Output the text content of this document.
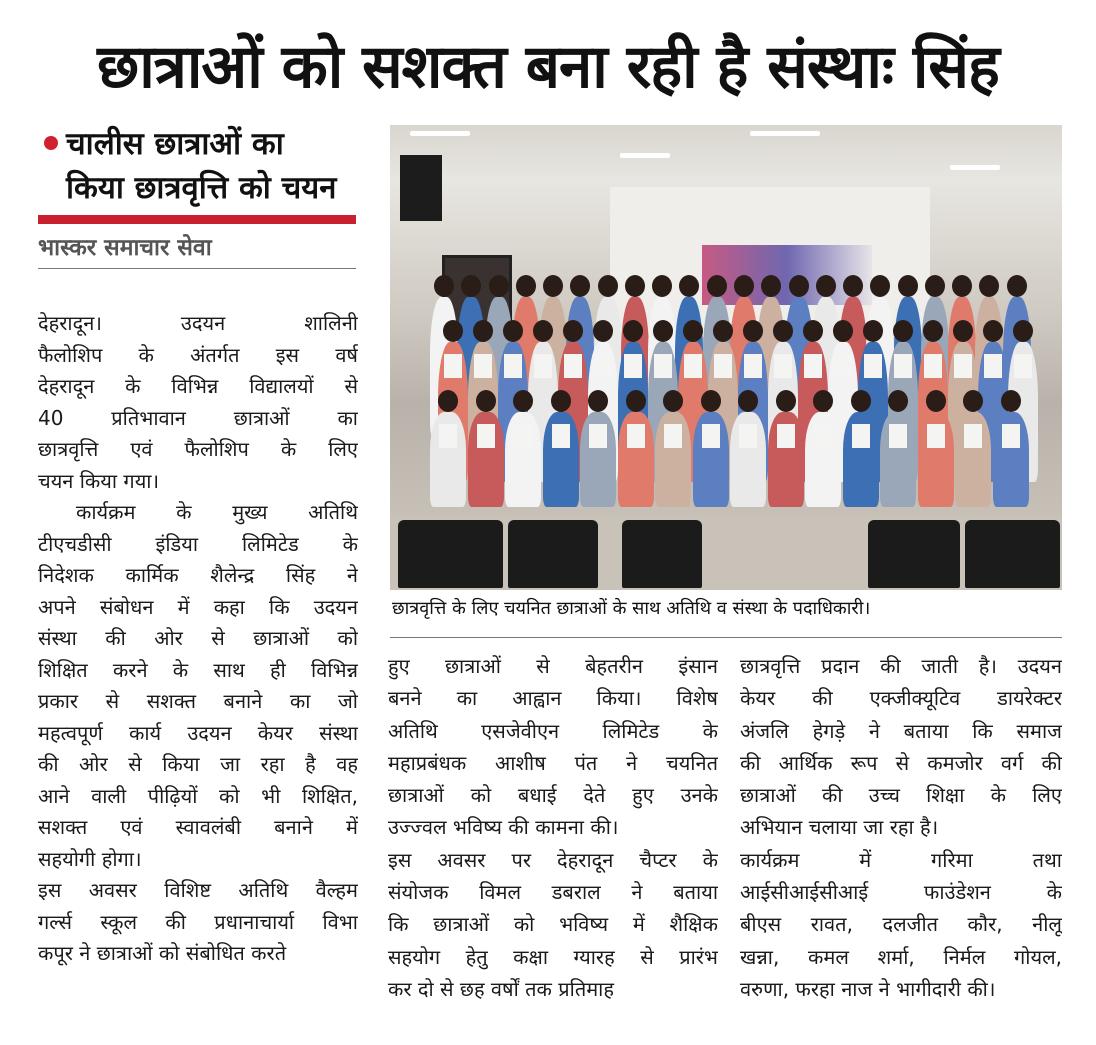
छात्राओं को सशक्त बना रही है संस्थाः सिंह
चालीस छात्राओं का
किया छात्रवृत्ति को चयन
भास्कर समाचार सेवा
देहरादून। उदयन शालिनी
फैलोशिप के अंतर्गत इस वर्ष
देहरादून के विभिन्न विद्यालयों से
40 प्रतिभावान छात्राओं का
छात्रवृत्ति एवं फैलोशिप के लिए
चयन किया गया।
कार्यक्रम के मुख्य अतिथि
टीएचडीसी इंडिया लिमिटेड के
निदेशक कार्मिक शैलेन्द्र सिंह ने
अपने संबोधन में कहा कि उदयन
संस्था की ओर से छात्राओं को
शिक्षित करने के साथ ही विभिन्न
प्रकार से सशक्त बनाने का जो
महत्वपूर्ण कार्य उदयन केयर संस्था
की ओर से किया जा रहा है वह
आने वाली पीढ़ियों को भी शिक्षित,
सशक्त एवं स्वावलंबी बनाने में
सहयोगी होगा।
इस अवसर विशिष्ट अतिथि वैल्हम
गर्ल्स स्कूल की प्रधानाचार्या विभा
कपूर ने छात्राओं को संबोधित करते
छात्रवृत्ति के लिए चयनित छात्राओं के साथ अतिथि व संस्था के पदाधिकारी।
हुए छात्राओं से बेहतरीन इंसान
बनने का आह्वान किया। विशेष
अतिथि एसजेवीएन लिमिटेड के
महाप्रबंधक आशीष पंत ने चयनित
छात्राओं को बधाई देते हुए उनके
उज्ज्वल भविष्य की कामना की।
इस अवसर पर देहरादून चैप्टर के
संयोजक विमल डबराल ने बताया
कि छात्राओं को भविष्य में शैक्षिक
सहयोग हेतु कक्षा ग्यारह से प्रारंभ
कर दो से छह वर्षों तक प्रतिमाह
छात्रवृत्ति प्रदान की जाती है। उदयन
केयर की एक्जीक्यूटिव डायरेक्टर
अंजलि हेगड़े ने बताया कि समाज
की आर्थिक रूप से कमजोर वर्ग की
छात्राओं की उच्च शिक्षा के लिए
अभियान चलाया जा रहा है।
कार्यक्रम में गरिमा तथा
आईसीआईसीआई फाउंडेशन के
बीएस रावत, दलजीत कौर, नीलू
खन्ना, कमल शर्मा, निर्मल गोयल,
वरुणा, फरहा नाज ने भागीदारी की।
